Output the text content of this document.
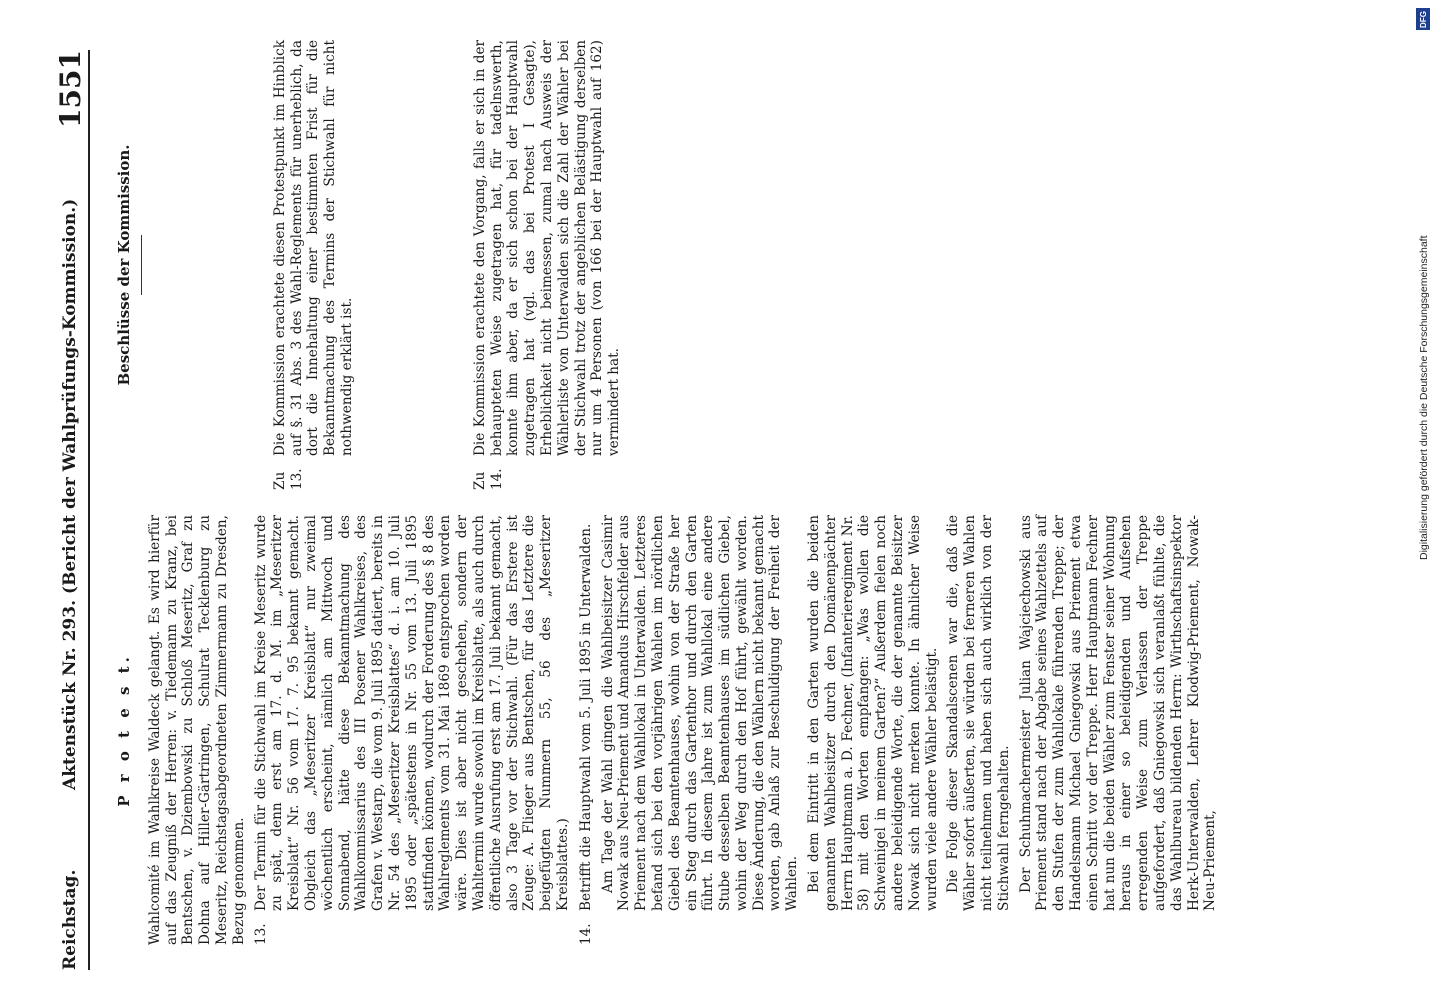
Reichstag.
Aktenstück Nr. 293. (Bericht der Wahlprüfungs-Kommission.)
1551
P r o t e s t. Wahlcomité im Wahlkreise Waldeck gelangt. Es wird hierfür auf das Zeugniß der Herren: v. Tiedemann zu Kranz, bei Bentschen, v. Dziembowski zu Schloß Meseritz, Graf zu Dohna auf Hiller-Gärtringen, Schulrat Tecklenburg zu Meseritz, Reichstagsabgeordneten Zimmermann zu Dresden, Bezug genommen. 13.

Der Termin für die Stichwahl im Kreise Meseritz wurde zu spät, denn erst am 17. d. M. im „Meseritzer Kreisblatt“ Nr. 56 vom 17. 7. 95 bekannt gemacht. Obgleich das „Meseritzer Kreisblatt“ nur zweimal wöchentlich erscheint, nämlich am Mittwoch und Sonnabend, hätte diese Bekanntmachung des Wahlkommissarius des III Posener Wahlkreises, des Grafen v. Westarp, die vom 9. Juli 1895 datiert, bereits in Nr. 54 des „Meseritzer Kreisblattes“ d. i. am 10. Juli 1895 oder „spätestens in Nr. 55 vom 13. Juli 1895 stattfinden können, wodurch der Forderung des § 8 des Wahlreglements vom 31. Mai 1869 entsprochen worden wäre. Dies ist aber nicht geschehen, sondern der Wahltermin wurde sowohl im Kreisblatte, als auch durch öffentliche Ausrufung erst am 17. Juli bekannt gemacht, also 3 Tage vor der Stichwahl. (Für das Erstere ist Zeuge: A. Flieger aus Bentschen, für das Letztere die beigefügten Nummern 55, 56 des „Meseritzer Kreisblattes.)

14.

Betrifft die Hauptwahl vom 5. Juli 1895 in Unterwalden. Am Tage der Wahl gingen die Wahlbeisitzer Casimir Nowak aus Neu-Priement und Amandus Hirschfelder aus Priement nach dem Wahllokal in Unterwalden. Letzteres befand sich bei den vorjährigen Wahlen im nördlichen Giebel des Beamtenhauses, wohin von der Straße her ein Steg durch das Gartenthor und durch den Garten führt. In diesem Jahre ist zum Wahllokal eine andere Stube desselben Beamtenhauses im südlichen Giebel, wohin der Weg durch den Hof führt, gewählt worden. Diese Änderung, die den Wählern nicht bekannt gemacht worden, gab Anlaß zur Beschuldigung der Freiheit der Wahlen. Bei dem Eintritt in den Garten wurden die beiden genannten Wahlbeisitzer durch den Domänenpächter Herrn Hauptmann a. D. Fechner, (Infanterieregiment Nr. 58) mit den Worten empfangen: „Was wollen die Schweinigel in meinem Garten?“ Außerdem fielen noch andere beleidigende Worte, die der genannte Beisitzer Nowak sich nicht merken konnte. In ähnlicher Weise wurden viele andere Wähler belästigt. Die Folge dieser Skandalscenen war die, daß die Wähler sofort äußerten, sie würden bei ferneren Wahlen nicht teilnehmen und haben sich auch wirklich von der Stichwahl ferngehalten. Der Schuhmachermeister Julian Wajciechowski aus Priement stand nach der Abgabe seines Wahlzettels auf den Stufen der zum Wahllokale führenden Treppe; der Handelsmann Michael Gniegowski aus Priement etwa einen Schritt vor der Treppe. Herr Hauptmann Fechner hat nun die beiden Wähler zum Fenster seiner Wohnung heraus in einer so beleidigenden und Aufsehen erregenden Weise zum Verlassen der Treppe aufgefordert, daß Gniegowski sich veranlaßt fühlte, die das Wahlbureau bildenden Herrn: Wirthschaftsinspektor Herk-Unterwalden, Lehrer Klodwig-Priement, Nowak-Neu-Priement,

Beschlüsse der Kommission.
Zu 13.

Die Kommission erachtete diesen Protestpunkt im Hinblick auf §. 31 Abs. 3 des Wahl-Reglements für unerheblich, da dort die Innehaltung einer bestimmten Frist für die Bekanntmachung des Termins der Stichwahl für nicht nothwendig erklärt ist.

Zu 14.

Die Kommission erachtete den Vorgang, falls er sich in der behaupteten Weise zugetragen hat, für tadelnswerth, konnte ihm aber, da er sich schon bei der Hauptwahl zugetragen hat (vgl. das bei Protest I Gesagte), Erheblichkeit nicht beimessen, zumal nach Ausweis der Wählerliste von Unterwalden sich die Zahl der Wähler bei der Stichwahl trotz der angeblichen Belästigung derselben nur um 4 Personen (von 166 bei der Hauptwahl auf 162) vermindert hat.

DFG
Digitalisierung gefördert durch die Deutsche Forschungsgemeinschaft
